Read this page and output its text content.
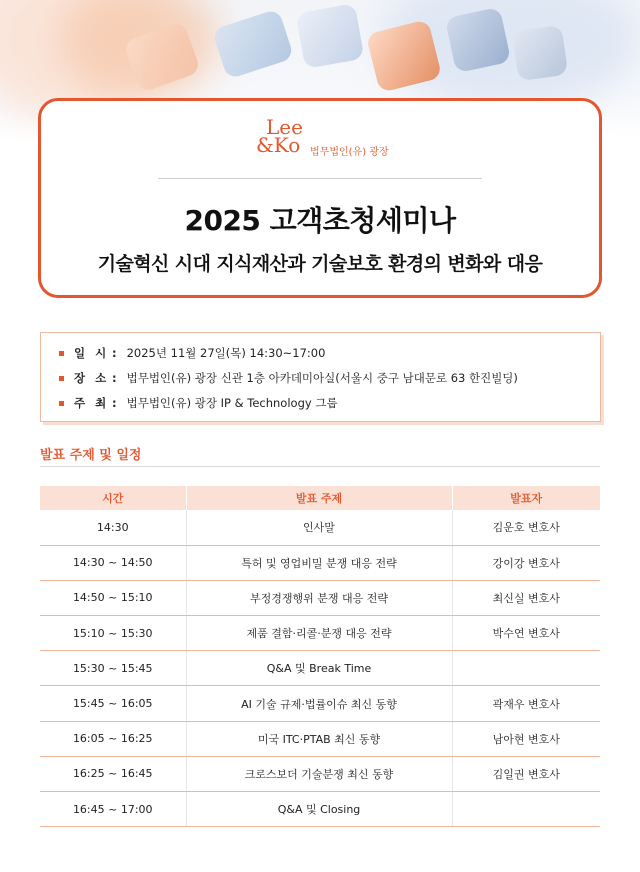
Lee
&Ko 법무법인(유) 광장
2025 고객초청세미나
기술혁신 시대 지식재산과 기술보호 환경의 변화와 대응
일 시 : 2025년 11월 27일(목) 14:30~17:00
장 소 : 법무법인(유) 광장 신관 1층 아카데미아실(서울시 중구 남대문로 63 한진빌딩)
주 최 : 법무법인(유) 광장 IP & Technology 그룹
발표 주제 및 일정
시간	발표 주제	발표자
14:30	인사말	김운호 변호사
14:30 ~ 14:50	특허 및 영업비밀 분쟁 대응 전략	강이강 변호사
14:50 ~ 15:10	부정경쟁행위 분쟁 대응 전략	최신실 변호사
15:10 ~ 15:30	제품 결함·리콜·분쟁 대응 전략	박수연 변호사
15:30 ~ 15:45	Q&A 및 Break Time	
15:45 ~ 16:05	AI 기술 규제·법률이슈 최신 동향	곽재우 변호사
16:05 ~ 16:25	미국 ITC·PTAB 최신 동향	남아현 변호사
16:25 ~ 16:45	크로스보더 기술분쟁 최신 동향	김일권 변호사
16:45 ~ 17:00	Q&A 및 Closing	
